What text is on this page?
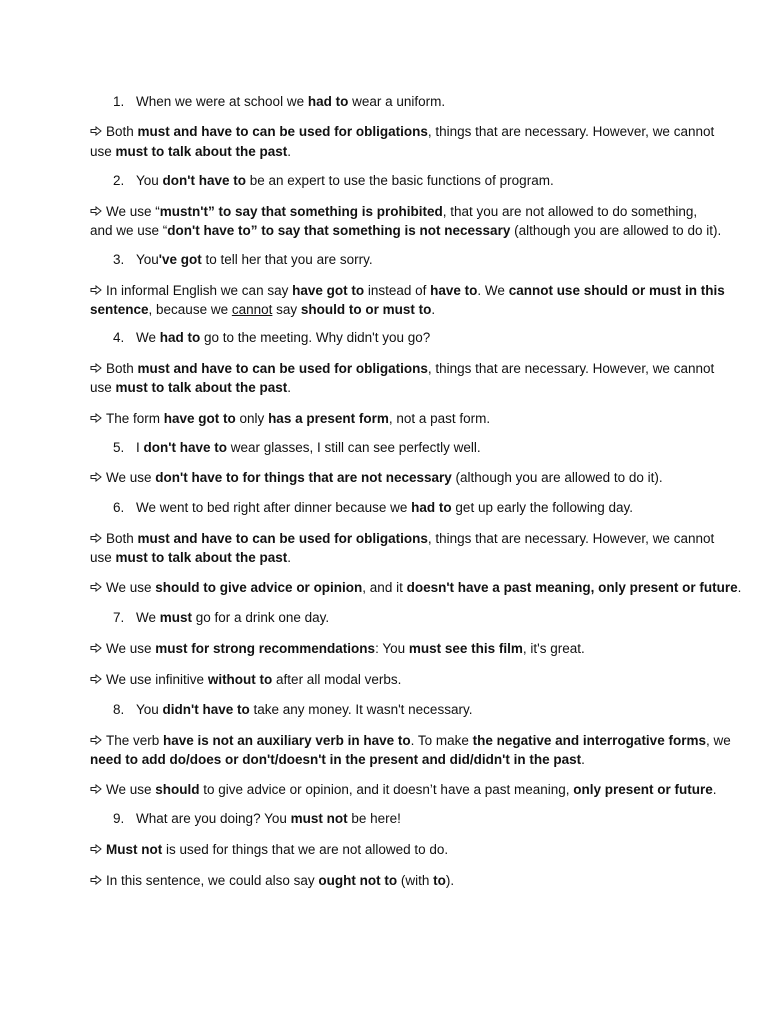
1. When we were at school we had to wear a uniform.
Both must and have to can be used for obligations, things that are necessary. However, we cannot
use must to talk about the past.
2. You don't have to be an expert to use the basic functions of program.
We use “mustn't” to say that something is prohibited, that you are not allowed to do something,
and we use “don't have to” to say that something is not necessary (although you are allowed to do it).
3. You've got to tell her that you are sorry.
In informal English we can say have got to instead of have to. We cannot use should or must in this
sentence, because we cannot say should to or must to.
4. We had to go to the meeting. Why didn't you go?
Both must and have to can be used for obligations, things that are necessary. However, we cannot
use must to talk about the past.
The form have got to only has a present form, not a past form.
5. I don't have to wear glasses, I still can see perfectly well.
We use don't have to for things that are not necessary (although you are allowed to do it).
6. We went to bed right after dinner because we had to get up early the following day.
Both must and have to can be used for obligations, things that are necessary. However, we cannot
use must to talk about the past.
We use should to give advice or opinion, and it doesn't have a past meaning, only present or future.
7. We must go for a drink one day.
We use must for strong recommendations: You must see this film, it's great.
We use infinitive without to after all modal verbs.
8. You didn't have to take any money. It wasn't necessary.
The verb have is not an auxiliary verb in have to. To make the negative and interrogative forms, we
need to add do/does or don't/doesn't in the present and did/didn't in the past.
We use should to give advice or opinion, and it doesn’t have a past meaning, only present or future.
9. What are you doing? You must not be here!
Must not is used for things that we are not allowed to do.
In this sentence, we could also say ought not to (with to).
